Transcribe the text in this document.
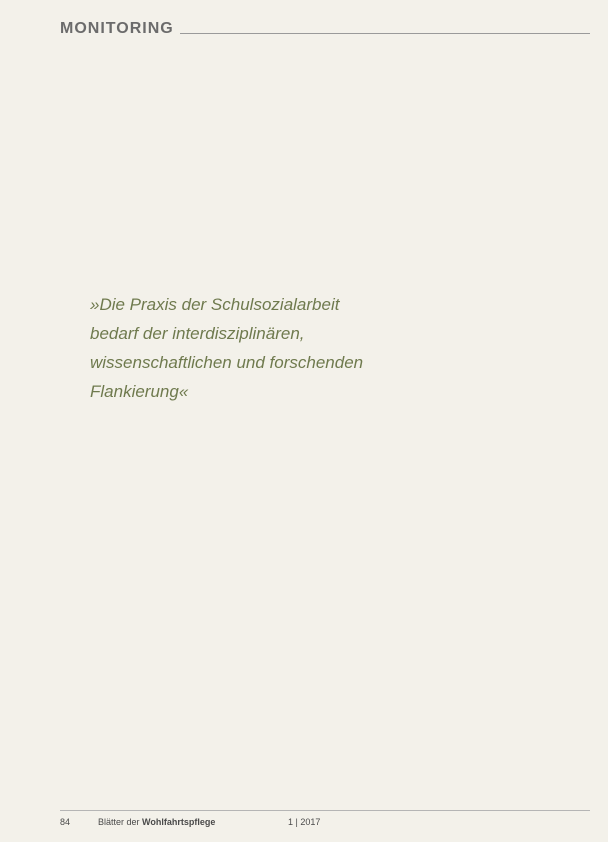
MONITORING
»Die Praxis der Schulsozialarbeit bedarf der interdisziplinären, wissenschaftlichen und forschenden Flankierung«
84	Blätter der Wohlfahrtspflege	1 | 2017
